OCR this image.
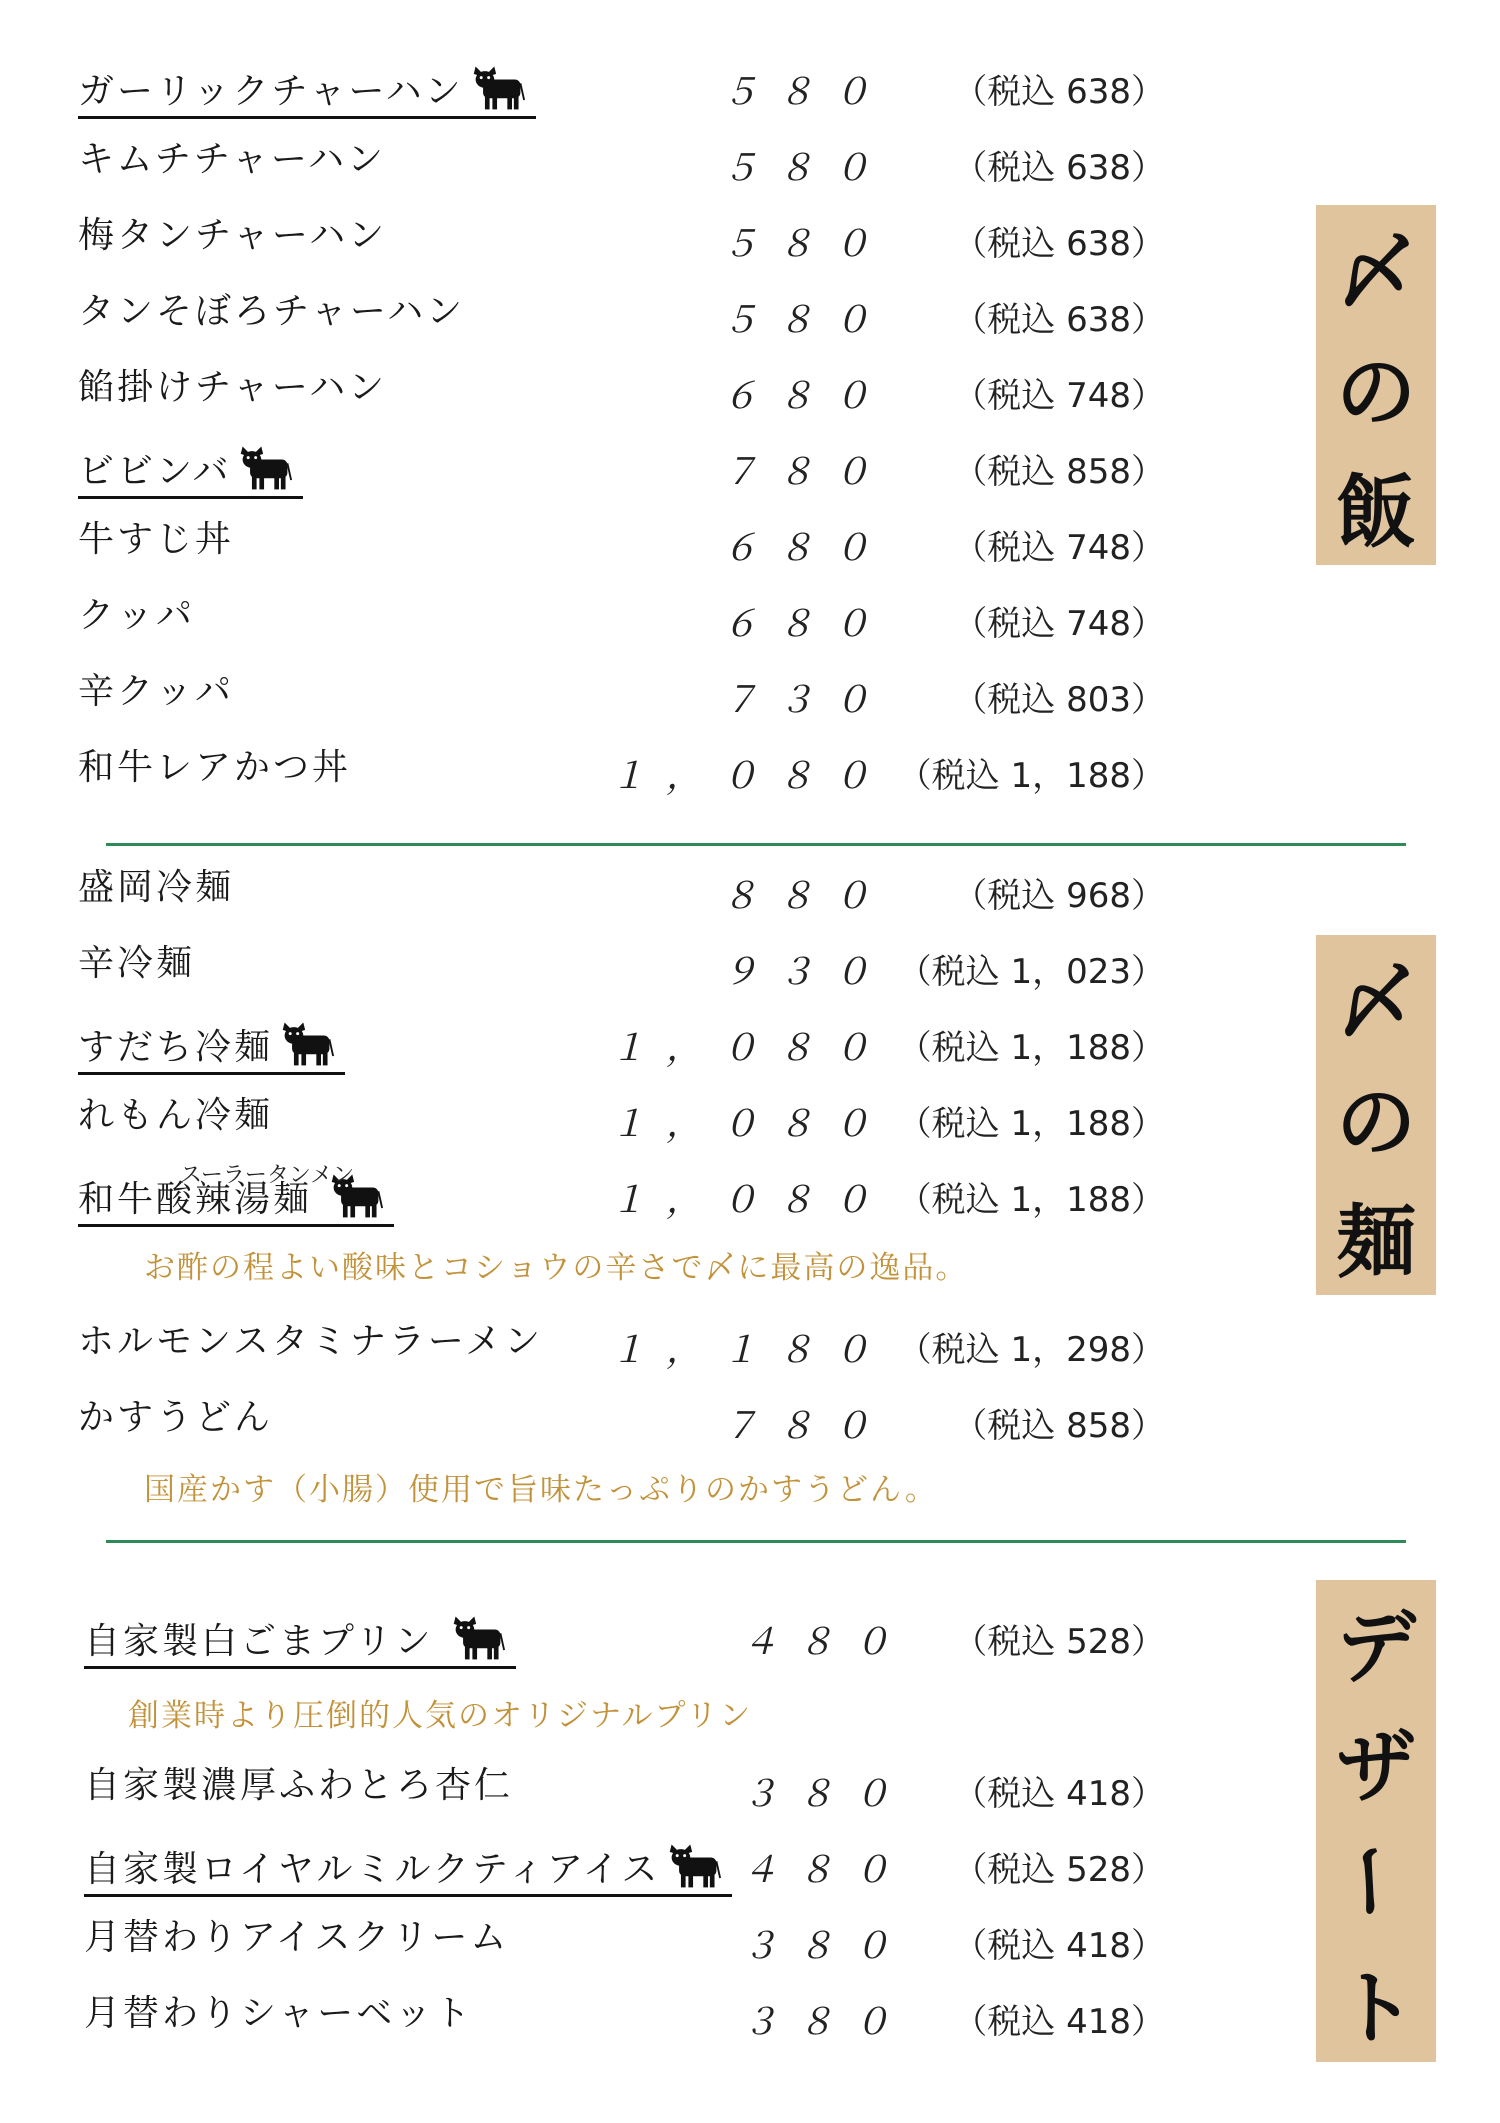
ガーリックチャーハン	５８０ （税込 638）
キムチチャーハン	５８０ （税込 638）
梅タンチャーハン	５８０ （税込 638）
タンそぼろチャーハン	５８０ （税込 638）
餡掛けチャーハン	６８０ （税込 748）
ビビンバ	７８０ （税込 858）
牛すじ丼	６８０ （税込 748）
クッパ	６８０ （税込 748）
辛クッパ	７３０ （税込 803）
和牛レアかつ丼	１，０８０ （税込 1，188）
〆
の
飯
盛岡冷麺	８８０ （税込 968）
辛冷麺	９３０ （税込 1，023）
すだち冷麺	１，０８０ （税込 1，188）
れもん冷麺	１，０８０ （税込 1，188）
スーラータンメン
和牛酸辣湯麺	１，０８０ （税込 1，188）
お酢の程よい酸味とコショウの辛さで〆に最高の逸品。
ホルモンスタミナラーメン １，１８０ （税込 1，298）
かすうどん	７８０ （税込 858）
国産かす（小腸）使用で旨味たっぷりのかすうどん。
〆
の
麺
自家製白ごまプリン	４８０ （税込 528）
創業時より圧倒的人気のオリジナルプリン
自家製濃厚ふわとろ杏仁	３８０ （税込 418）
自家製ロイヤルミルクティアイス ４８０ （税込 528）
月替わりアイスクリーム	３８０ （税込 418）
月替わりシャーベット	３８０ （税込 418）
デ
ザ
ー
ト
